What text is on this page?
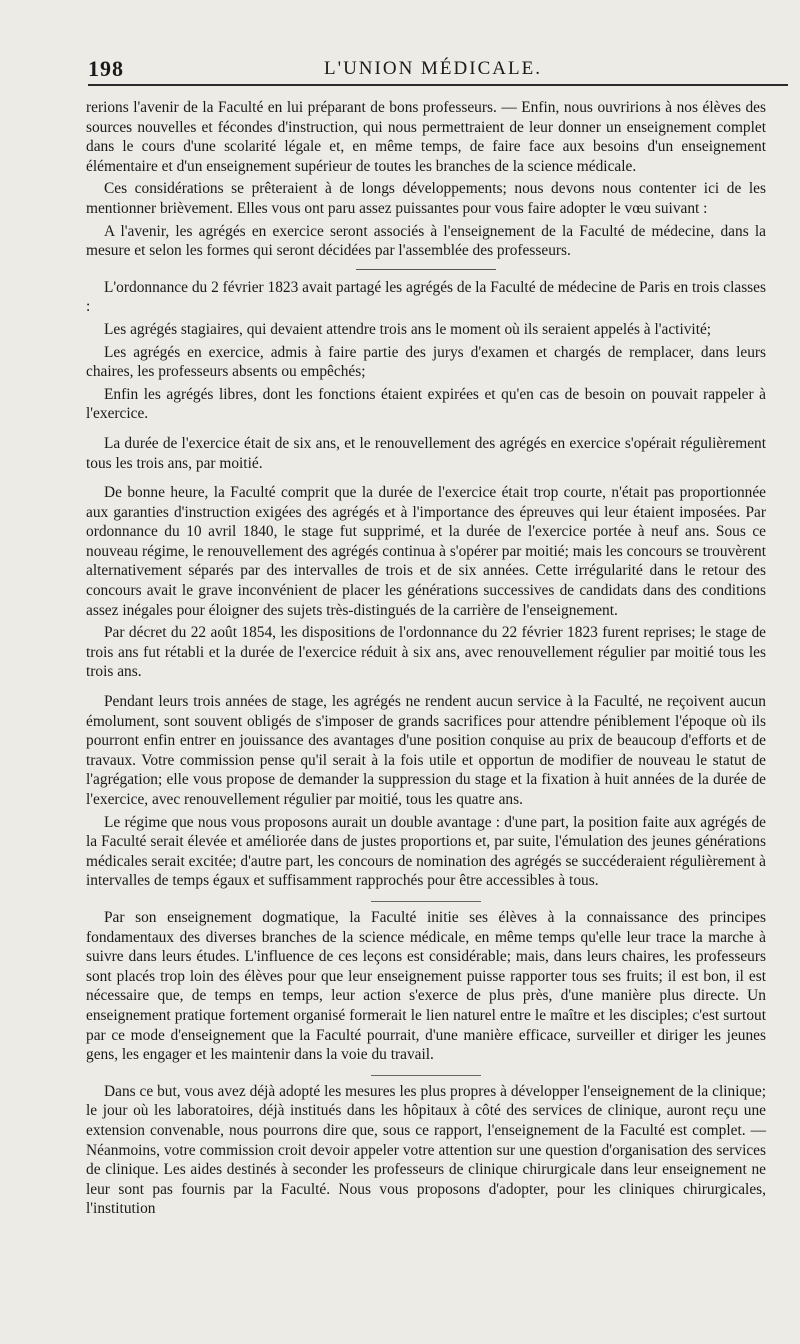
198	L'UNION MÉDICALE.

rerions l'avenir de la Faculté en lui préparant de bons professeurs. — Enfin, nous ouvririons à nos élèves des sources nouvelles et fécondes d'instruction, qui nous permettraient de leur donner un enseignement complet dans le cours d'une scolarité légale et, en même temps, de faire face aux besoins d'un enseignement élémentaire et d'un enseignement supérieur de toutes les branches de la science médicale.

Ces considérations se prêteraient à de longs développements; nous devons nous contenter ici de les mentionner brièvement. Elles vous ont paru assez puissantes pour vous faire adopter le vœu suivant :

A l'avenir, les agrégés en exercice seront associés à l'enseignement de la Faculté de médecine, dans la mesure et selon les formes qui seront décidées par l'assemblée des professeurs.

L'ordonnance du 2 février 1823 avait partagé les agrégés de la Faculté de médecine de Paris en trois classes :

Les agrégés stagiaires, qui devaient attendre trois ans le moment où ils seraient appelés à l'activité;

Les agrégés en exercice, admis à faire partie des jurys d'examen et chargés de remplacer, dans leurs chaires, les professeurs absents ou empêchés;

Enfin les agrégés libres, dont les fonctions étaient expirées et qu'en cas de besoin on pouvait rappeler à l'exercice.

La durée de l'exercice était de six ans, et le renouvellement des agrégés en exercice s'opérait régulièrement tous les trois ans, par moitié.

De bonne heure, la Faculté comprit que la durée de l'exercice était trop courte, n'était pas proportionnée aux garanties d'instruction exigées des agrégés et à l'importance des épreuves qui leur étaient imposées. Par ordonnance du 10 avril 1840, le stage fut supprimé, et la durée de l'exercice portée à neuf ans. Sous ce nouveau régime, le renouvellement des agrégés continua à s'opérer par moitié; mais les concours se trouvèrent alternativement séparés par des intervalles de trois et de six années. Cette irrégularité dans le retour des concours avait le grave inconvénient de placer les générations successives de candidats dans des conditions assez inégales pour éloigner des sujets très-distingués de la carrière de l'enseignement.

Par décret du 22 août 1854, les dispositions de l'ordonnance du 22 février 1823 furent reprises; le stage de trois ans fut rétabli et la durée de l'exercice réduit à six ans, avec renouvellement régulier par moitié tous les trois ans.

Pendant leurs trois années de stage, les agrégés ne rendent aucun service à la Faculté, ne reçoivent aucun émolument, sont souvent obligés de s'imposer de grands sacrifices pour attendre péniblement l'époque où ils pourront enfin entrer en jouissance des avantages d'une position conquise au prix de beaucoup d'efforts et de travaux. Votre commission pense qu'il serait à la fois utile et opportun de modifier de nouveau le statut de l'agrégation; elle vous propose de demander la suppression du stage et la fixation à huit années de la durée de l'exercice, avec renouvellement régulier par moitié, tous les quatre ans.

Le régime que nous vous proposons aurait un double avantage : d'une part, la position faite aux agrégés de la Faculté serait élevée et améliorée dans de justes proportions et, par suite, l'émulation des jeunes générations médicales serait excitée; d'autre part, les concours de nomination des agrégés se succéderaient régulièrement à intervalles de temps égaux et suffisamment rapprochés pour être accessibles à tous.

Par son enseignement dogmatique, la Faculté initie ses élèves à la connaissance des principes fondamentaux des diverses branches de la science médicale, en même temps qu'elle leur trace la marche à suivre dans leurs études. L'influence de ces leçons est considérable; mais, dans leurs chaires, les professeurs sont placés trop loin des élèves pour que leur enseignement puisse rapporter tous ses fruits; il est bon, il est nécessaire que, de temps en temps, leur action s'exerce de plus près, d'une manière plus directe. Un enseignement pratique fortement organisé formerait le lien naturel entre le maître et les disciples; c'est surtout par ce mode d'enseignement que la Faculté pourrait, d'une manière efficace, surveiller et diriger les jeunes gens, les engager et les maintenir dans la voie du travail.

Dans ce but, vous avez déjà adopté les mesures les plus propres à développer l'enseignement de la clinique; le jour où les laboratoires, déjà institués dans les hôpitaux à côté des services de clinique, auront reçu une extension convenable, nous pourrons dire que, sous ce rapport, l'enseignement de la Faculté est complet. — Néanmoins, votre commission croit devoir appeler votre attention sur une question d'organisation des services de clinique. Les aides destinés à seconder les professeurs de clinique chirurgicale dans leur enseignement ne leur sont pas fournis par la Faculté. Nous vous proposons d'adopter, pour les cliniques chirurgicales, l'institution
